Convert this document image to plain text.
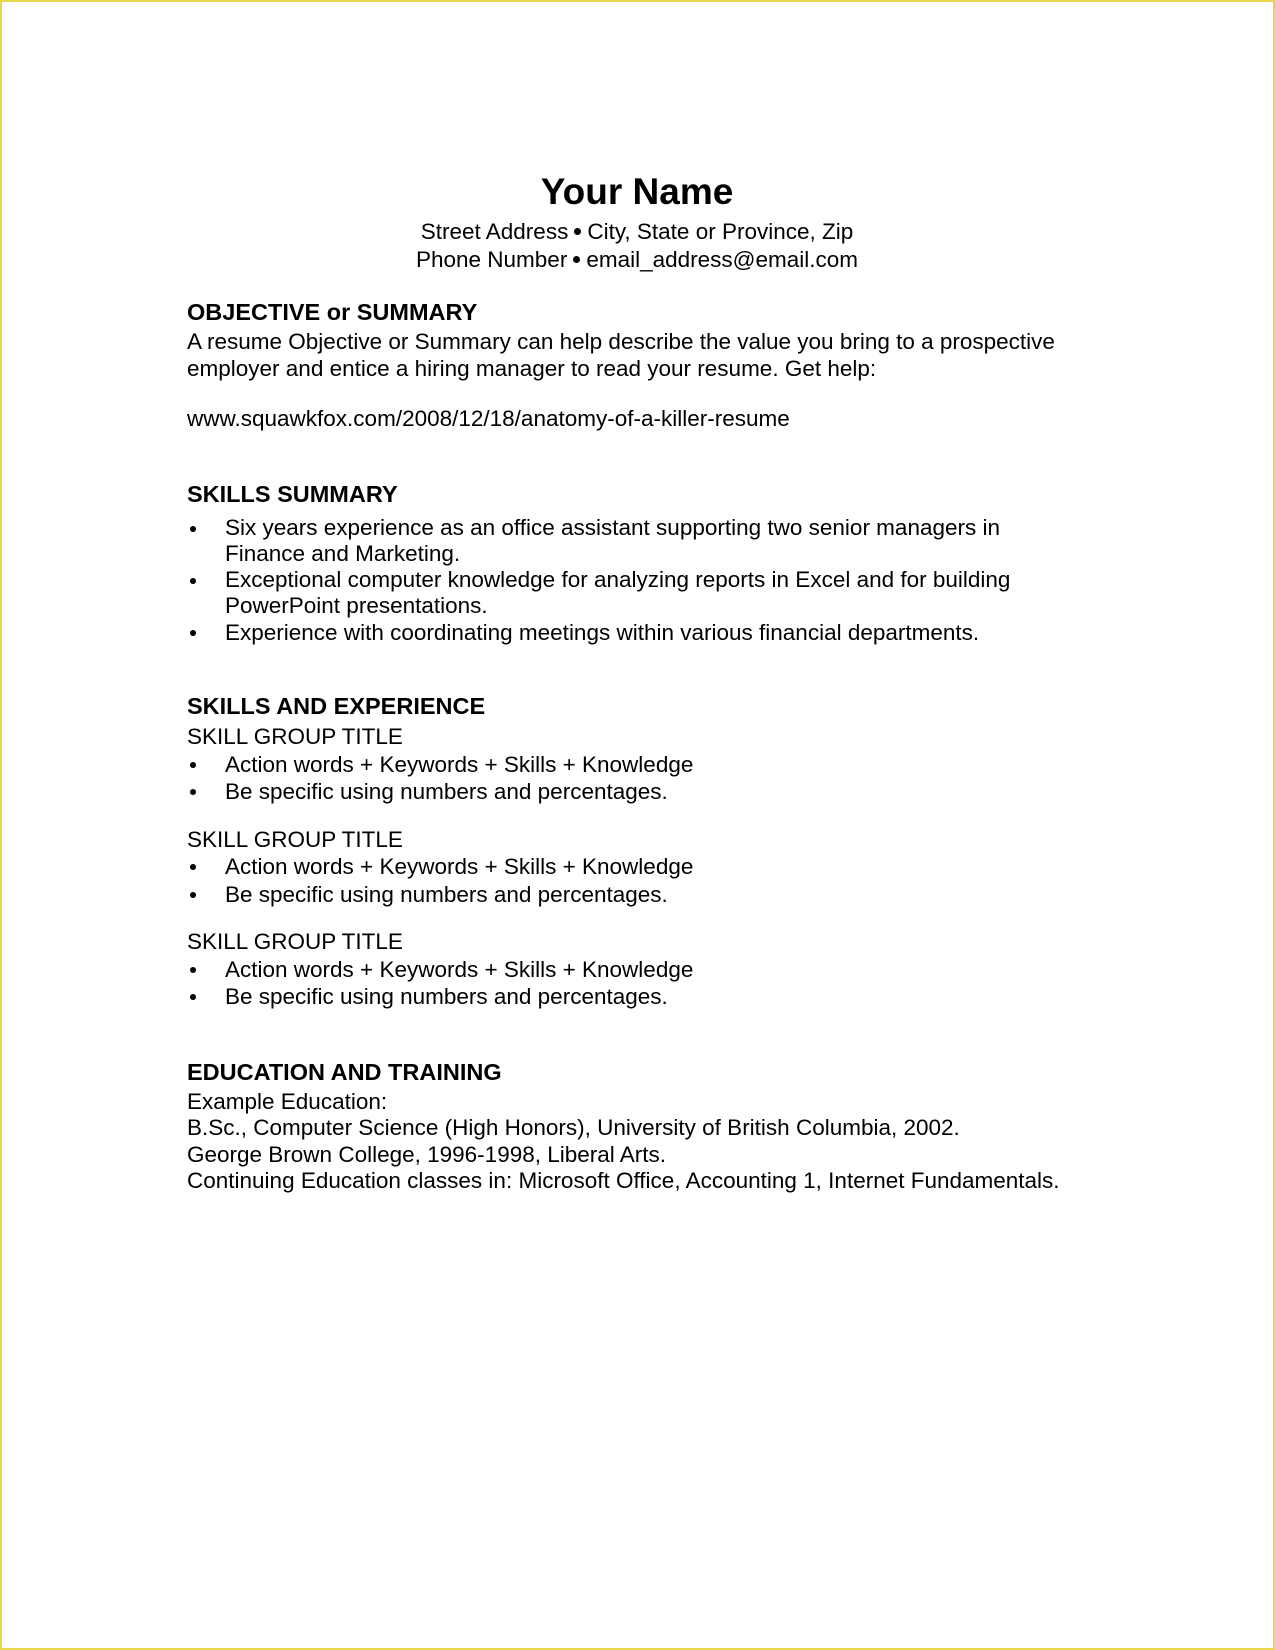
Your Name
Street Address City, State or Province, Zip
Phone Number email_address@email.com
OBJECTIVE or SUMMARY

A resume Objective or Summary can help describe the value you bring to a prospective employer and entice a hiring manager to read your resume. Get help:

www.squawkfox.com/2008/12/18/anatomy-of-a-killer-resume

SKILLS SUMMARY
Six years experience as an office assistant supporting two senior managers in Finance and Marketing.
Exceptional computer knowledge for analyzing reports in Excel and for building PowerPoint presentations.
Experience with coordinating meetings within various financial departments.
SKILLS AND EXPERIENCE

SKILL GROUP TITLE

Action words + Keywords + Skills + Knowledge
Be specific using numbers and percentages.

SKILL GROUP TITLE

Action words + Keywords + Skills + Knowledge
Be specific using numbers and percentages.

SKILL GROUP TITLE

Action words + Keywords + Skills + Knowledge
Be specific using numbers and percentages.
EDUCATION AND TRAINING

Example Education:

B.Sc., Computer Science (High Honors), University of British Columbia, 2002.

George Brown College, 1996-1998, Liberal Arts.

Continuing Education classes in: Microsoft Office, Accounting 1, Internet Fundamentals.
